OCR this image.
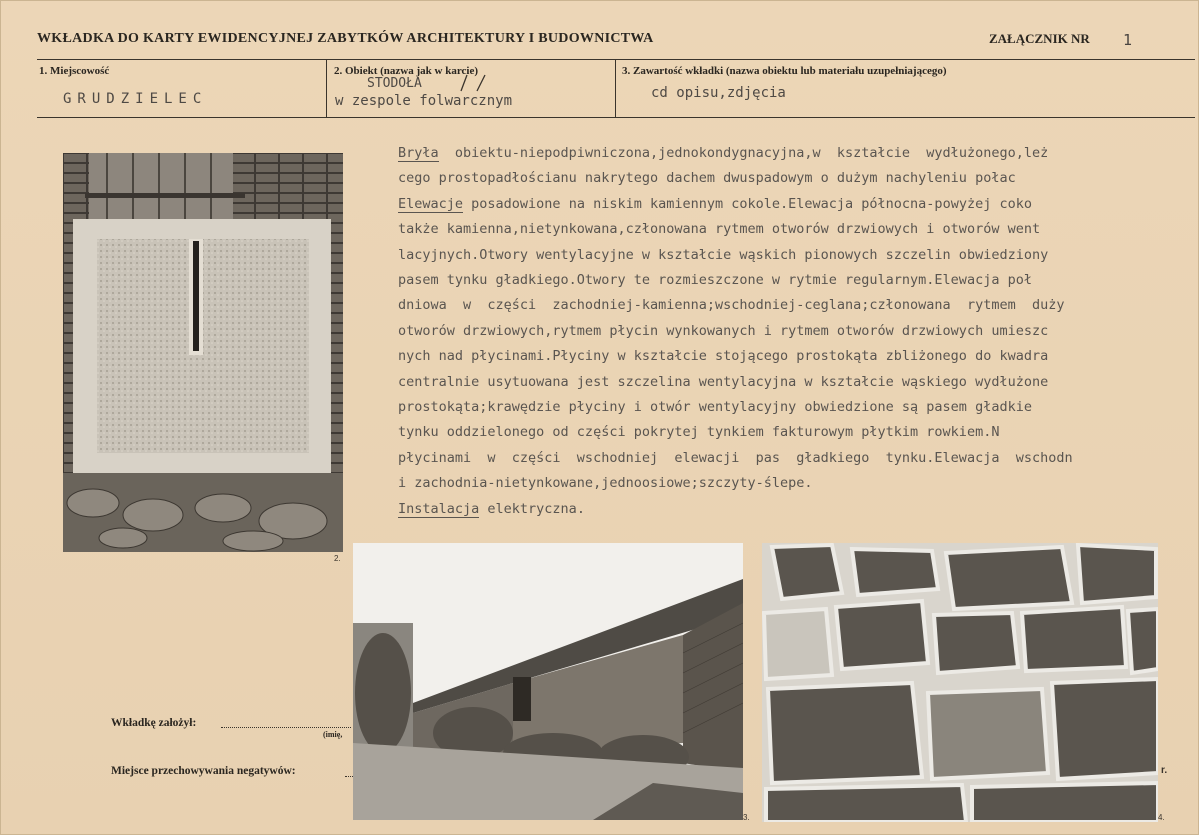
WKŁADKA DO KARTY EWIDENCYJNEJ ZABYTKÓW ARCHITEKTURY I BUDOWNICTWA	ZAŁĄCZNIK NR 1
1. Miejscowość
GRUDZIELEC
2. Obiekt (nazwa jak w karcie)
STODOŁA
w zespole folwarcznym
3. Zawartość wkładki (nazwa obiektu lub materiału uzupełniającego)
cd opisu,zdjęcia
Bryła  obiektu-niepodpiwniczona,jednokondygnacyjna,w  kształcie  wydłużonego,leż
cego prostopadłościanu nakrytego dachem dwuspadowym o dużym nachyleniu połac
Elewacje posadowione na niskim kamiennym cokole.Elewacja północna-powyżej coko
także kamienna,nietynkowana,członowana rytmem otworów drzwiowych i otworów went
lacyjnych.Otwory wentylacyjne w kształcie wąskich pionowych szczelin obwiedziony
pasem tynku gładkiego.Otwory te rozmieszczone w rytmie regularnym.Elewacja poł
dniowa  w  części  zachodniej-kamienna;wschodniej-ceglana;członowana  rytmem  duży
otworów drzwiowych,rytmem płycin wynkowanych i rytmem otworów drzwiowych umieszc
nych nad płycinami.Płyciny w kształcie stojącego prostokąta zbliżonego do kwadra
centralnie usytuowana jest szczelina wentylacyjna w kształcie wąskiego wydłużone
prostokąta;krawędzie płyciny i otwór wentylacyjny obwiedzione są pasem gładkie
tynku oddzielonego od części pokrytej tynkiem fakturowym płytkim rowkiem.N
płycinami  w  części  wschodniej  elewacji  pas  gładkiego  tynku.Elewacja  wschodn
i zachodnia-nietynkowane,jednoosiowe;szczyty-ślepe.
Instalacja elektryczna.
2.
3.	4.
r.
Wkładkę założył:
(imię,
Miejsce przechowywania negatywów:
